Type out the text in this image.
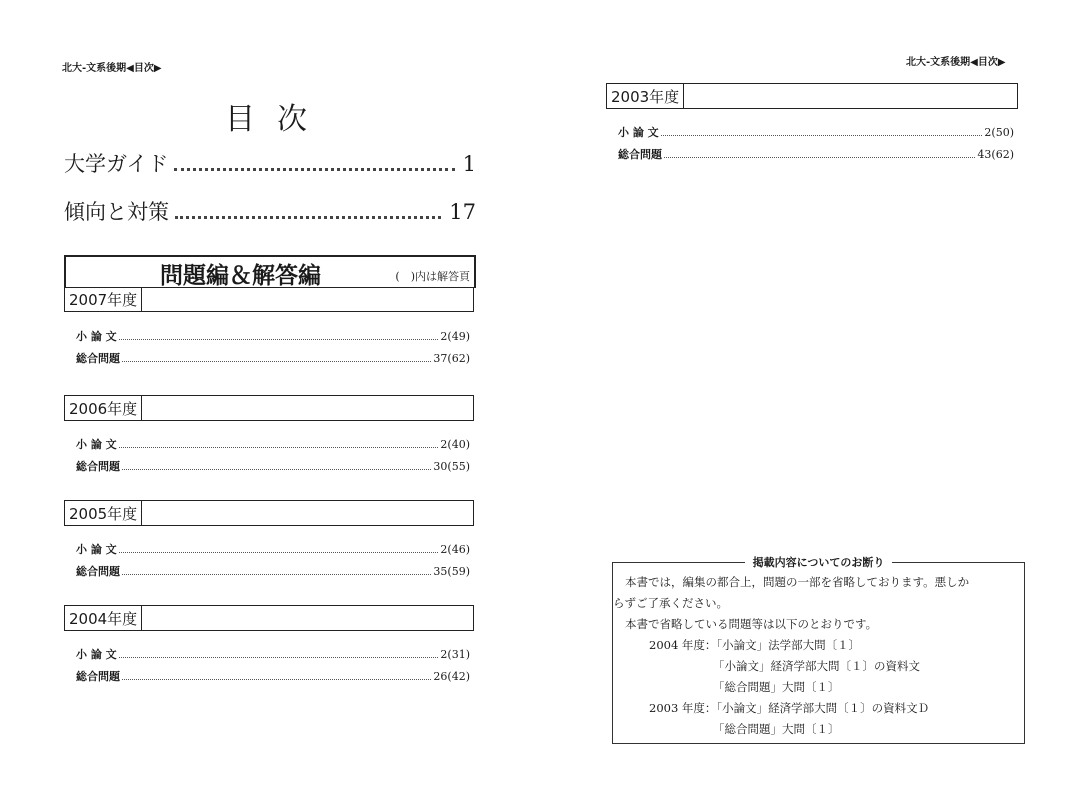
北大-文系後期◀目次▶
北大-文系後期◀目次▶
目次
大学ガイド	1
傾向と対策	17
問題編＆解答編	(　)内は解答頁
2007年度
小 論 文	2(49)
総合問題	37(62)
2006年度
小 論 文	2(40)
総合問題	30(55)
2005年度
小 論 文	2(46)
総合問題	35(59)
2004年度
小 論 文	2(31)
総合問題	26(42)
2003年度
小 論 文	2(50)
総合問題	43(62)
掲載内容についてのお断り
本書では，編集の都合上，問題の一部を省略しております。悪しか
らずご了承ください。
本書で省略している問題等は以下のとおりです。
2004 年度：「小論文」法学部大問〔１〕
「小論文」経済学部大問〔１〕の資料文
「総合問題」大問〔１〕
2003 年度：「小論文」経済学部大問〔１〕の資料文Ｄ
「総合問題」大問〔１〕
